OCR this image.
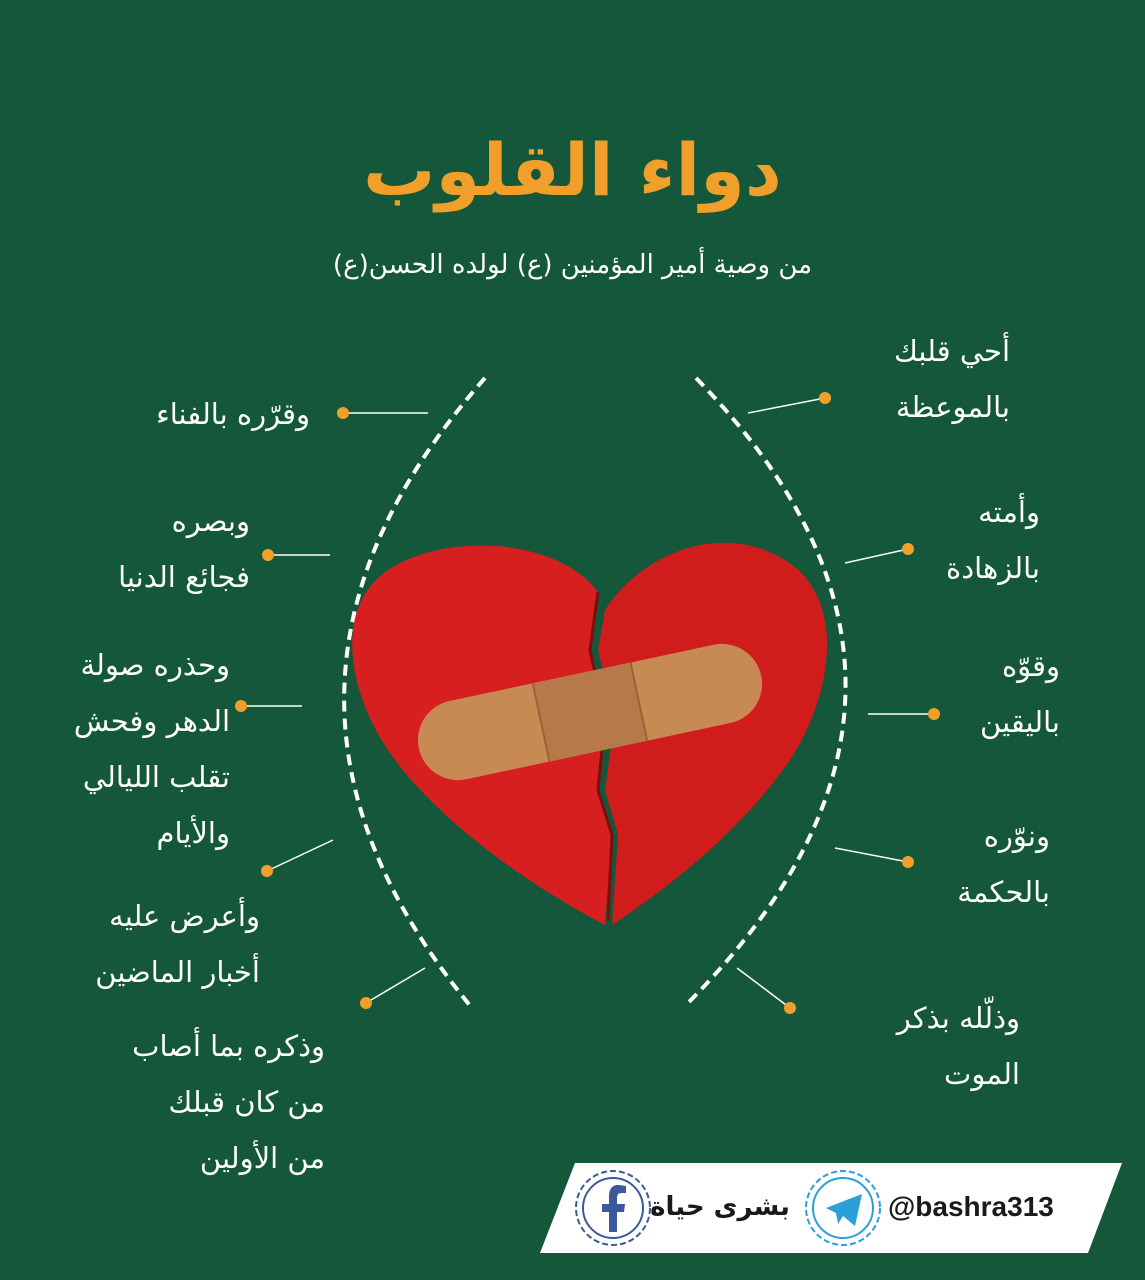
دواء القلوب
من وصية أمير المؤمنين (ع) لولده الحسن(ع)
أحي قلبك
بالموعظة
وأمته
بالزهادة
وقوّه
باليقين
ونوّره
بالحكمة
وذلّله بذكر
الموت
وقرّره بالفناء
وبصره
فجائع الدنيا
وحذره صولة
الدهر وفحش
تقلب الليالي
والأيام
وأعرض عليه
أخبار الماضين
وذكره بما أصاب
من كان قبلك
من الأولين
@bashra313
بشرى حياة
